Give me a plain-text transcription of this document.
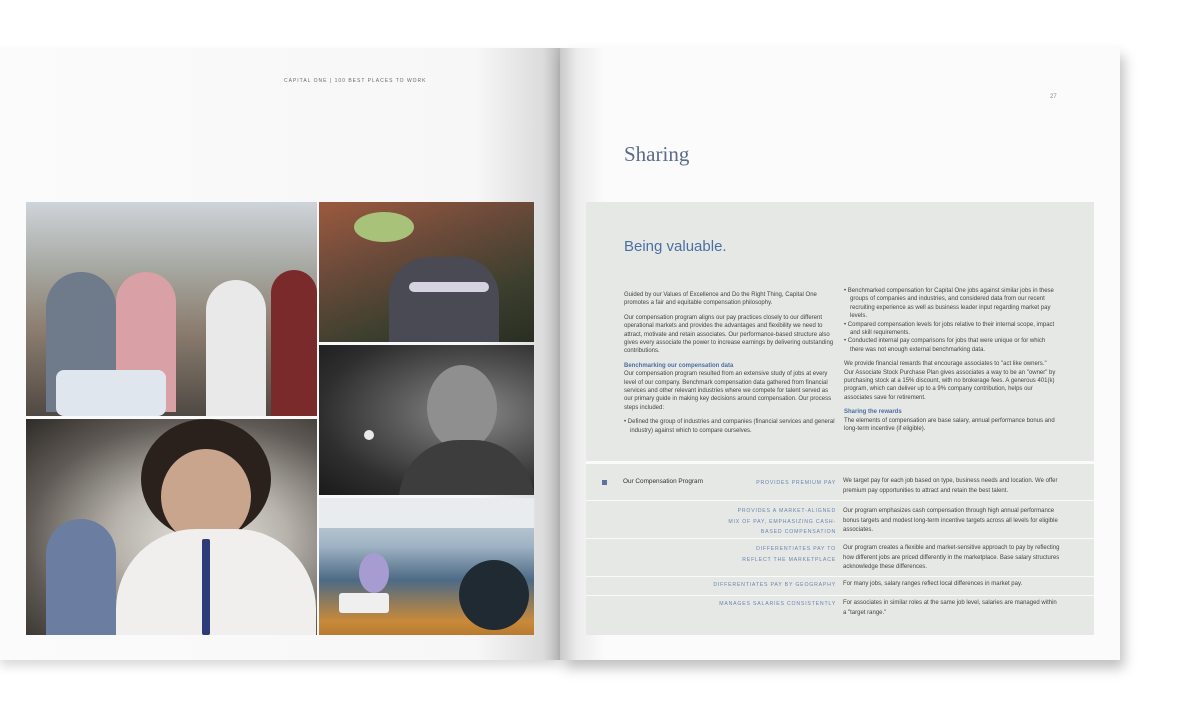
CAPITAL ONE | 100 BEST PLACES TO WORK
27
Sharing
Being valuable.

Guided by our Values of Excellence and Do the Right Thing, Capital One promotes a fair and equitable compensation philosophy.

Our compensation program aligns our pay practices closely to our different operational markets and provides the advantages and flexibility we need to attract, motivate and retain associates. Our performance-based structure also gives every associate the power to increase earnings by delivering outstanding contributions.

Benchmarking our compensation data

Our compensation program resulted from an extensive study of jobs at every level of our company. Benchmark compensation data gathered from financial services and other relevant industries where we compete for talent served as our primary guide in making key decisions around compensation. Our process steps included:

• Defined the group of industries and companies (financial services and general industry) against which to compare ourselves.

• Benchmarked compensation for Capital One jobs against similar jobs in these groups of companies and industries, and considered data from our recent recruiting experience as well as business leader input regarding market pay levels.

• Compared compensation levels for jobs relative to their internal scope, impact and skill requirements.

• Conducted internal pay comparisons for jobs that were unique or for which there was not enough external benchmarking data.

We provide financial rewards that encourage associates to "act like owners." Our Associate Stock Purchase Plan gives associates a way to be an "owner" by purchasing stock at a 15% discount, with no brokerage fees. A generous 401(k) program, which can deliver up to a 9% company contribution, helps our associates save for retirement.

Sharing the rewards

The elements of compensation are base salary, annual performance bonus and long-term incentive (if eligible).

Our Compensation Program	PROVIDES PREMIUM PAY We target pay for each job based on type, business needs and location. We offer premium pay opportunities to attract and retain the best talent.
PROVIDES A MARKET-ALIGNED MIX OF PAY, EMPHASIZING CASH-BASED COMPENSATION
Our program emphasizes cash compensation through high annual performance bonus targets and modest long-term incentive targets across all levels for eligible associates.
DIFFERENTIATES PAY TO REFLECT THE MARKETPLACE
Our program creates a flexible and market-sensitive approach to pay by reflecting how different jobs are priced differently in the marketplace. Base salary structures acknowledge these differences.
DIFFERENTIATES PAY BY GEOGRAPHY For many jobs, salary ranges reflect local differences in market pay.
MANAGES SALARIES CONSISTENTLY For associates in similar roles at the same job level, salaries are managed within a "target range."
